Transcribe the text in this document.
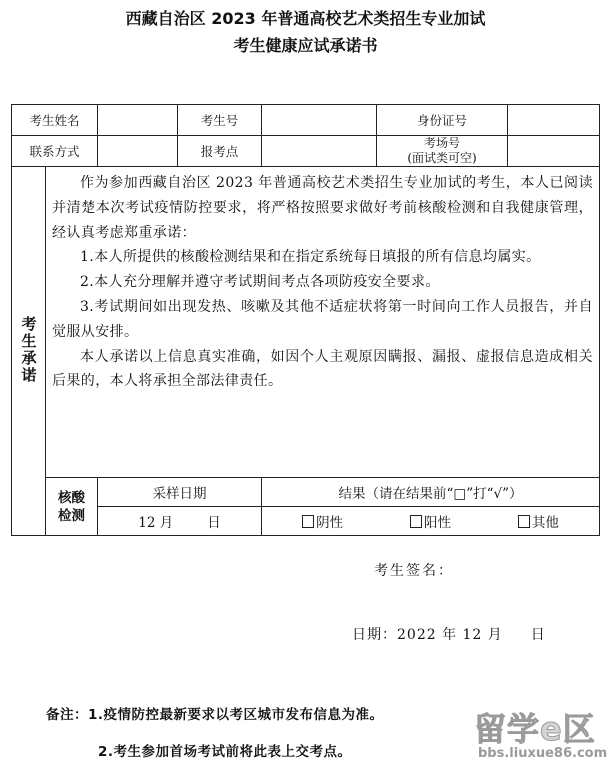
西藏自治区 2023 年普通高校艺术类招生专业加试
考生健康应试承诺书
考生姓名			考生号		身份证号	
联系方式			报考点		考场号
(面试类可空)	

考生承诺	作为参加西藏自治区 2023 年普通高校艺术类招生专业加试的考生，本人已阅读并清楚本次考试疫情防控要求，将严格按照要求做好考前核酸检测和自我健康管理，经认真考虑郑重承诺：

1.本人所提供的核酸检测结果和在指定系统每日填报的所有信息均属实。

2.本人充分理解并遵守考试期间考点各项防疫安全要求。

3.考试期间如出现发热、咳嗽及其他不适症状将第一时间向工作人员报告，并自觉服从安排。

本人承诺以上信息真实准确，如因个人主观原因瞒报、漏报、虚报信息造成相关后果的，本人将承担全部法律责任。					

	核酸
检测	采样日期		结果（请在结果前“□”打“√”）		
		12 月 日		阴性 阳性 其他		
考生签名：
日期：2022 年 12 月 日
备注：1.疫情防控最新要求以考区城市发布信息为准。
2.考生参加首场考试前将此表上交考点。
留学e区
bbs.liuxue86.com
